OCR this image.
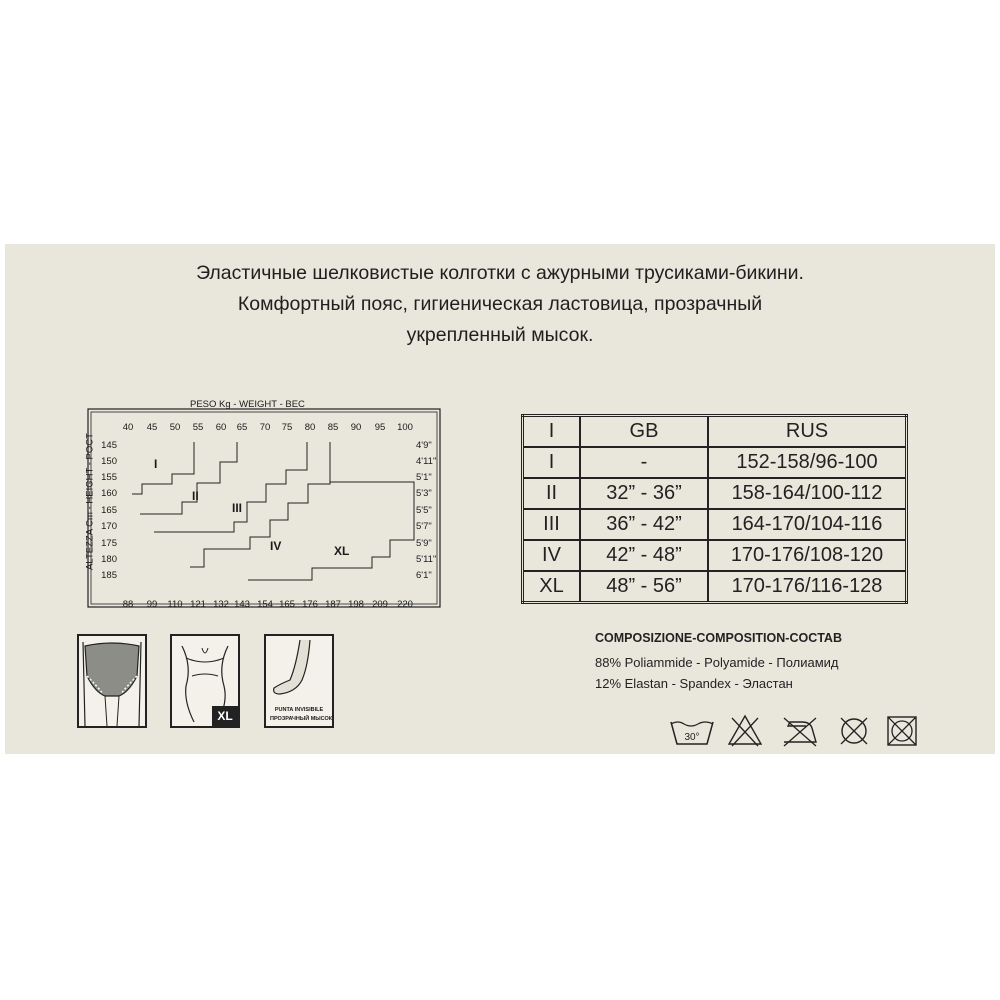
Эластичные шелковистые колготки с ажурными трусиками-бикини.
Комфортный пояс, гигиеническая ластовица, прозрачный
укрепленный мысок.
PESO Kg - WEIGHT - BEC
ALTEZZA Cm - HEIGHT - POCT
40 45 50 55 60 65 70 75 80 85 90 95 100
145
150
155
160
165
170
175
180
185
4'9"
4'11"
5'1"
5'3"
5'5"
5'7"
5'9"
5'11"
6'1"
88 99 110 121 132 143 154 165 176 187 198 209 220
I
II
III
IV	XL
I	GB	RUS
I	-	152-158/96-100
II	32” - 36”	158-164/100-112
III	36” - 42”	164-170/104-116
IV	42” - 48”	170-176/108-120
XL	48” - 56”	170-176/116-128
COMPOSIZIONE-COMPOSITION-COCTAB
88% Poliammide - Polyamide - Полиамид
12% Elastan - Spandex - Эластан
XL	PUNTA INVISIBILE
ПРОЗРАЧНЫЙ МЫСОК
30°
